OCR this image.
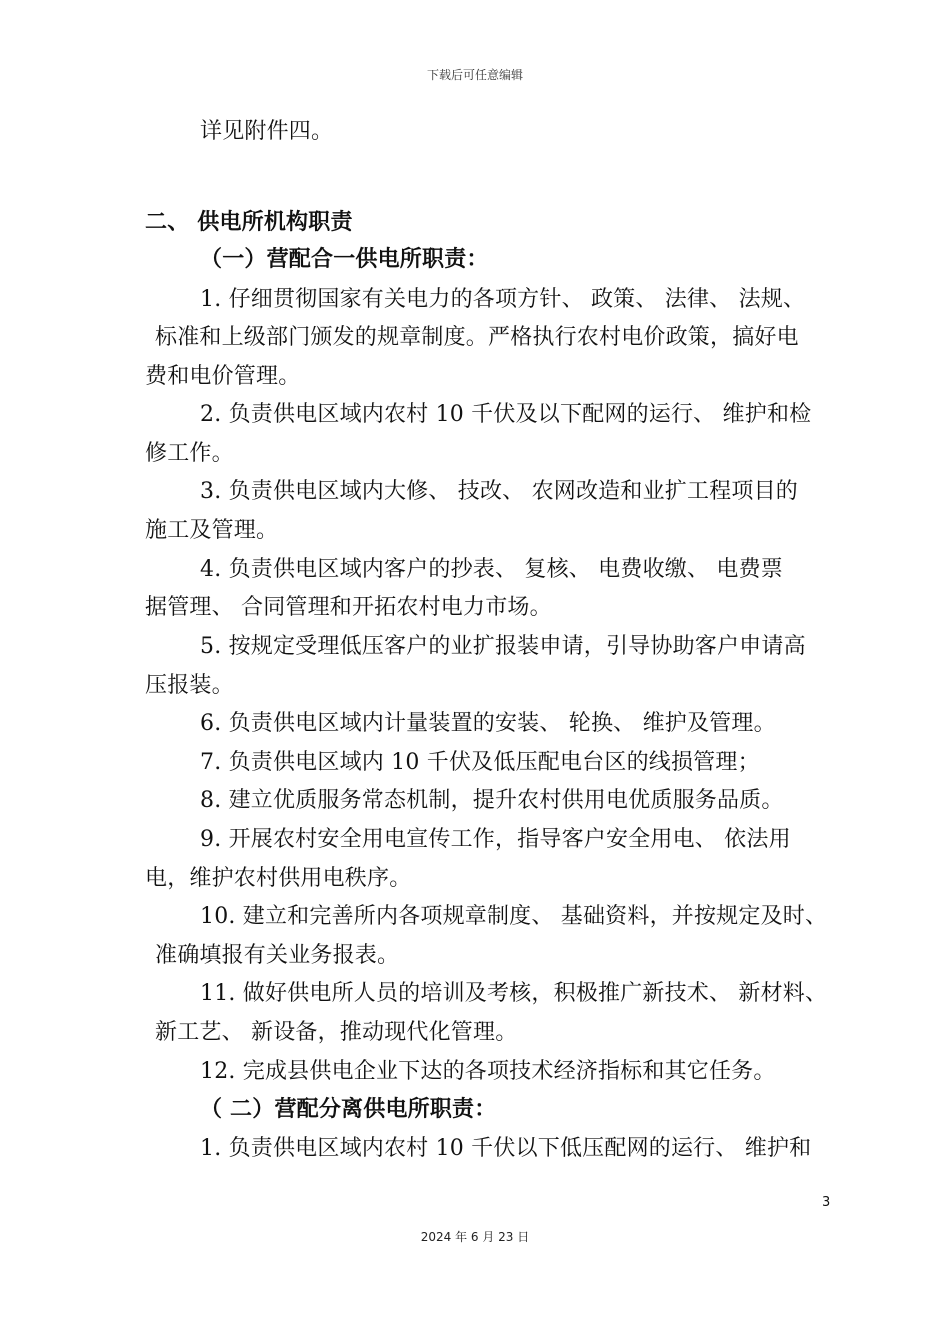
下载后可任意编辑
详见附件四。
二、 供电所机构职责
（一）营配合一供电所职责：
1. 仔细贯彻国家有关电力的各项方针、 政策、 法律、 法规、
标准和上级部门颁发的规章制度。严格执行农村电价政策，搞好电
费和电价管理。
2. 负责供电区域内农村 10 千伏及以下配网的运行、 维护和检
修工作。
3. 负责供电区域内大修、 技改、 农网改造和业扩工程项目的
施工及管理。
4. 负责供电区域内客户的抄表、 复核、 电费收缴、 电费票
据管理、 合同管理和开拓农村电力市场。
5. 按规定受理低压客户的业扩报装申请，引导协助客户申请高
压报装。
6. 负责供电区域内计量装置的安装、 轮换、 维护及管理。
7. 负责供电区域内 10 千伏及低压配电台区的线损管理；
8. 建立优质服务常态机制，提升农村供用电优质服务品质。
9. 开展农村安全用电宣传工作，指导客户安全用电、 依法用
电，维护农村供用电秩序。
10. 建立和完善所内各项规章制度、 基础资料，并按规定及时、
准确填报有关业务报表。
11. 做好供电所人员的培训及考核，积极推广新技术、 新材料、
新工艺、 新设备，推动现代化管理。
12. 完成县供电企业下达的各项技术经济指标和其它任务。
（ 二）营配分离供电所职责：
1. 负责供电区域内农村 10 千伏以下低压配网的运行、 维护和
3
2024 年 6 月 23 日
